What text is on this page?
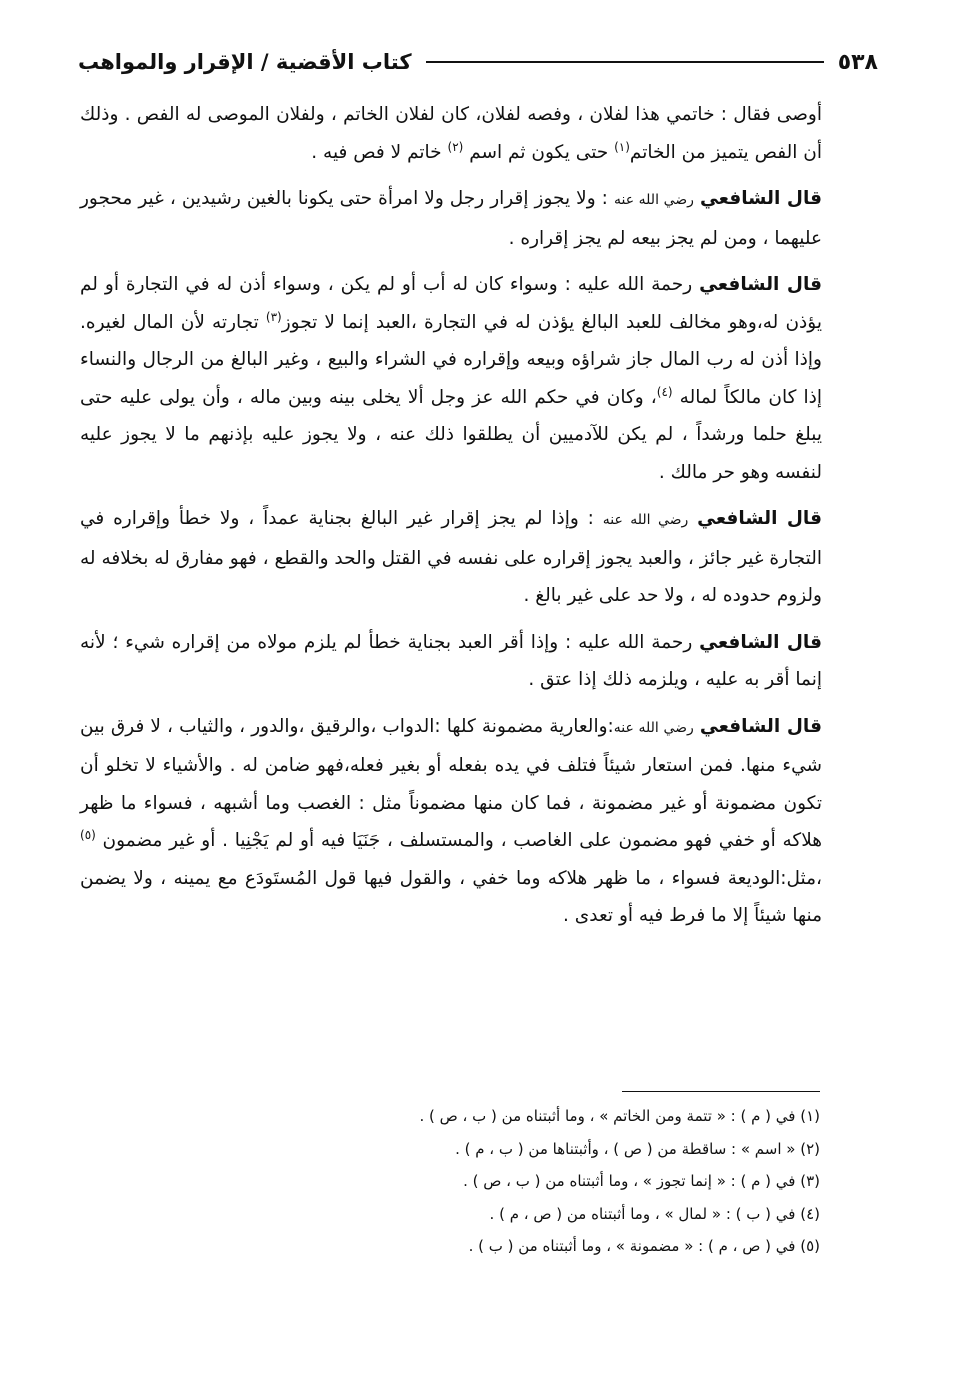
٥٣٨
كتاب الأقضية / الإقرار والمواهب

أوصى فقال : خاتمي هذا لفلان ، وفصه لفلان، كان لفلان الخاتم ، ولفلان الموصى له الفص . وذلك أن الفص يتميز من الخاتم$^{(١)}$ حتى يكون ثم اسم $^{(٢)}$ خاتم لا فص فيه .

قال الشافعي رضي الله عنه : ولا يجوز إقرار رجل ولا امرأة حتى يكونا بالغين رشيدين ، غير محجور عليهما ، ومن لم يجز بيعه لم يجز إقراره .

قال الشافعي رحمة الله عليه : وسواء كان له أب أو لم يكن ، وسواء أذن له في التجارة أو لم يؤذن له،وهو مخالف للعبد البالغ يؤذن له في التجارة ،العبد إنما لا تجوز$^{(٣)}$ تجارته لأن المال لغيره. وإذا أذن له رب المال جاز شراؤه وبيعه وإقراره في الشراء والبيع ، وغير البالغ من الرجال والنساء إذا كان مالكاً لماله $^{(٤)}$، وكان في حكم الله عز وجل ألا يخلى بينه وبين ماله ، وأن يولى عليه حتى يبلغ حلما ورشداً ، لم يكن للآدميين أن يطلقوا ذلك عنه ، ولا يجوز عليه بإذنهم ما لا يجوز عليه لنفسه وهو حر مالك .

قال الشافعي رضي الله عنه : وإذا لم يجز إقرار غير البالغ بجناية عمداً ، ولا خطأ وإقراره في التجارة غير جائز ، والعبد يجوز إقراره على نفسه في القتل والحد والقطع ، فهو مفارق له بخلافه له ولزوم حدوده له ، ولا حد على غير بالغ .

قال الشافعي رحمة الله عليه : وإذا أقر العبد بجناية خطأ لم يلزم مولاه من إقراره شيء ؛ لأنه إنما أقر به عليه ، ويلزمه ذلك إذا عتق .

قال الشافعي رضي الله عنه:والعارية مضمونة كلها :الدواب ،والرقيق ،والدور ، والثياب ، لا فرق بين شيء منها. فمن استعار شيئاً فتلف في يده بفعله أو بغير فعله،فهو ضامن له . والأشياء لا تخلو أن تكون مضمونة أو غير مضمونة ، فما كان منها مضموناً مثل : الغصب وما أشبهه ، فسواء ما ظهر هلاكه أو خفي فهو مضمون على الغاصب ، والمستسلف ، جَنَيَا فيه أو لم يَجْنِيا . أو غير مضمون $^{(٥)}$ ،مثل:الوديعة فسواء ، ما ظهر هلاكه وما خفي ، والقول فيها قول المُستَودَع مع يمينه ، ولا يضمن منها شيئاً إلا ما فرط فيه أو تعدى .

(١) في ( م ) : « تتمة ومن الخاتم » ، وما أثبتناه من ( ب ، ص ) .

(٢) « اسم » : ساقطة من ( ص ) ، وأثبتناها من ( ب ، م ) .

(٣) في ( م ) : « إنما تجوز » ، وما أثبتناه من ( ب ، ص ) .

(٤) في ( ب ) : « لمال » ، وما أثبتناه من ( ص ، م ) .

(٥) في ( ص ، م ) : « مضمونة » ، وما أثبتناه من ( ب ) .
